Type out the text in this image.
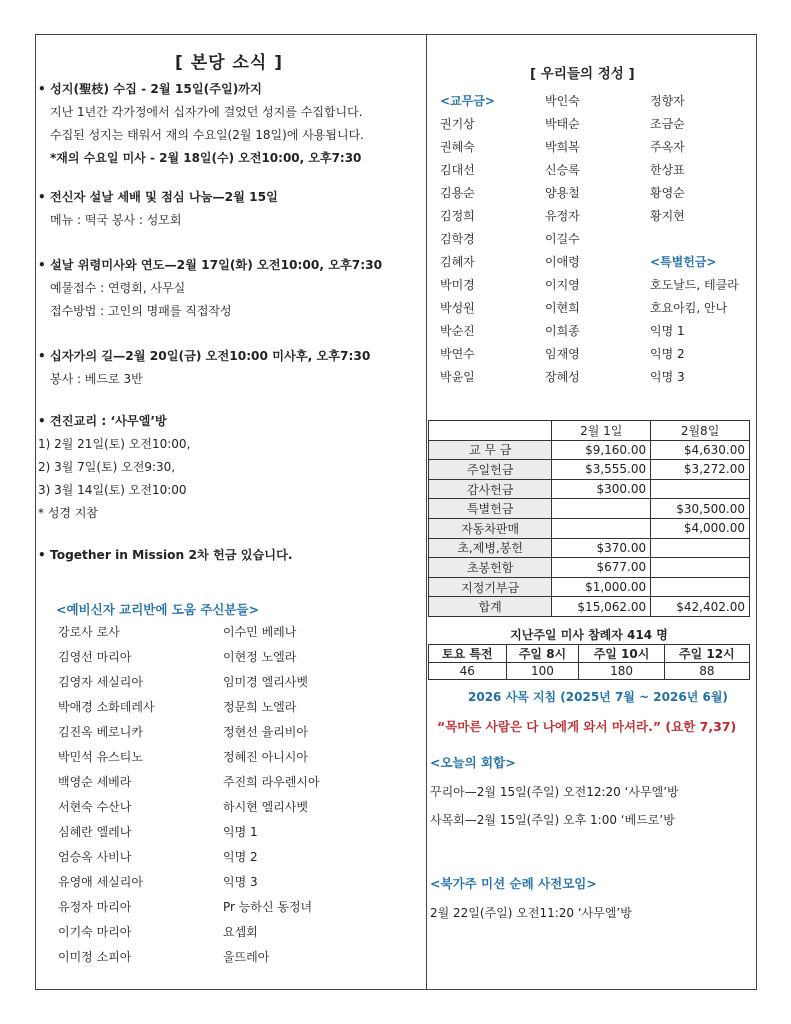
[ 본당 소식 ]
• 성지(聖枝) 수집 - 2월 15일(주일)까지
지난 1년간 각가정에서 십자가에 걸었던 성지를 수집합니다.
수집된 성지는 태워서 재의 수요일(2월 18일)에 사용됩니다.
*재의 수요일 미사 - 2월 18일(수) 오전10:00, 오후7:30
• 전신자 설날 세배 및 점심 나눔—2월 15일
메뉴 : 떡국 봉사 : 성모회
• 설날 위령미사와 연도—2월 17일(화) 오전10:00, 오후7:30
예물접수 : 연령회, 사무실
접수방법 : 고인의 명패를 직접작성
• 십자가의 길—2월 20일(금) 오전10:00 미사후, 오후7:30
봉사 : 베드로 3반
• 견진교리 : ‘사무엘’방
1) 2월 21일(토) 오전10:00,
2) 3월 7일(토) 오전9:30,
3) 3월 14일(토) 오전10:00
* 성경 지참
• Together in Mission 2차 헌금 있습니다.
<예비신자 교리반에 도움 주신분들>
강로사 로사	이수민 베레나
김영선 마리아	이현정 노엘라
김영자 세실리아	임미경 엘리사벳
박애경 소화데레사	정문희 노엘라
김진옥 베로니카	정현선 율리비아
박민석 유스티노	정혜진 아니시아
백영순 세베라	주진희 라우렌시아
서현숙 수산나	하시현 엘리사벳
심혜란 엘레나	익명 1
엄승옥 사비나	익명 2
유영애 세실리아	익명 3
유정자 마리아	Pr 능하신 동정녀
이기숙 마리아	요셉회
이미정 소피아	울뜨레아
[ 우리들의 정성 ]
<교무금>	박인숙	정향자
권기상	박태순	조금순
권혜숙	박희복	주옥자
김대선	신승록	한상표
김용순	양용철	황영순
김정희	유정자	황지현
김학경	이길수
김혜자	이애령	<특별헌금>
박미경	이지영	호도날드, 테클라
박성원	이현희	호요아킴, 안나
박순진	이희종	익명 1
박연수	임재영	익명 2
박윤일	장혜성	익명 3
	2월 1일	2월8일
교 무 금	$9,160.00	$4,630.00
주일헌금	$3,555.00	$3,272.00
감사헌금	$300.00	
특별헌금		$30,500.00
자동차판매		$4,000.00
초,제병,봉헌	$370.00	
초봉헌함	$677.00	
지정기부금	$1,000.00	
합계	$15,062.00	$42,402.00
지난주일 미사 참례자 414 명			
토요 특전	주일 8시	주일 10시	주일 12시
46	100	180	88
2026 사목 지침 (2025년 7월 ~ 2026년 6월)
“목마른 사람은 다 나에게 와서 마셔라.” (요한 7,37)
<오늘의 회합>
꾸리아—2월 15일(주일) 오전12:20 ‘사무엘’방
사목회—2월 15일(주일) 오후 1:00 ‘베드로’방
<북가주 미션 순례 사전모임>
2월 22일(주일) 오전11:20 ‘사무엘’방
